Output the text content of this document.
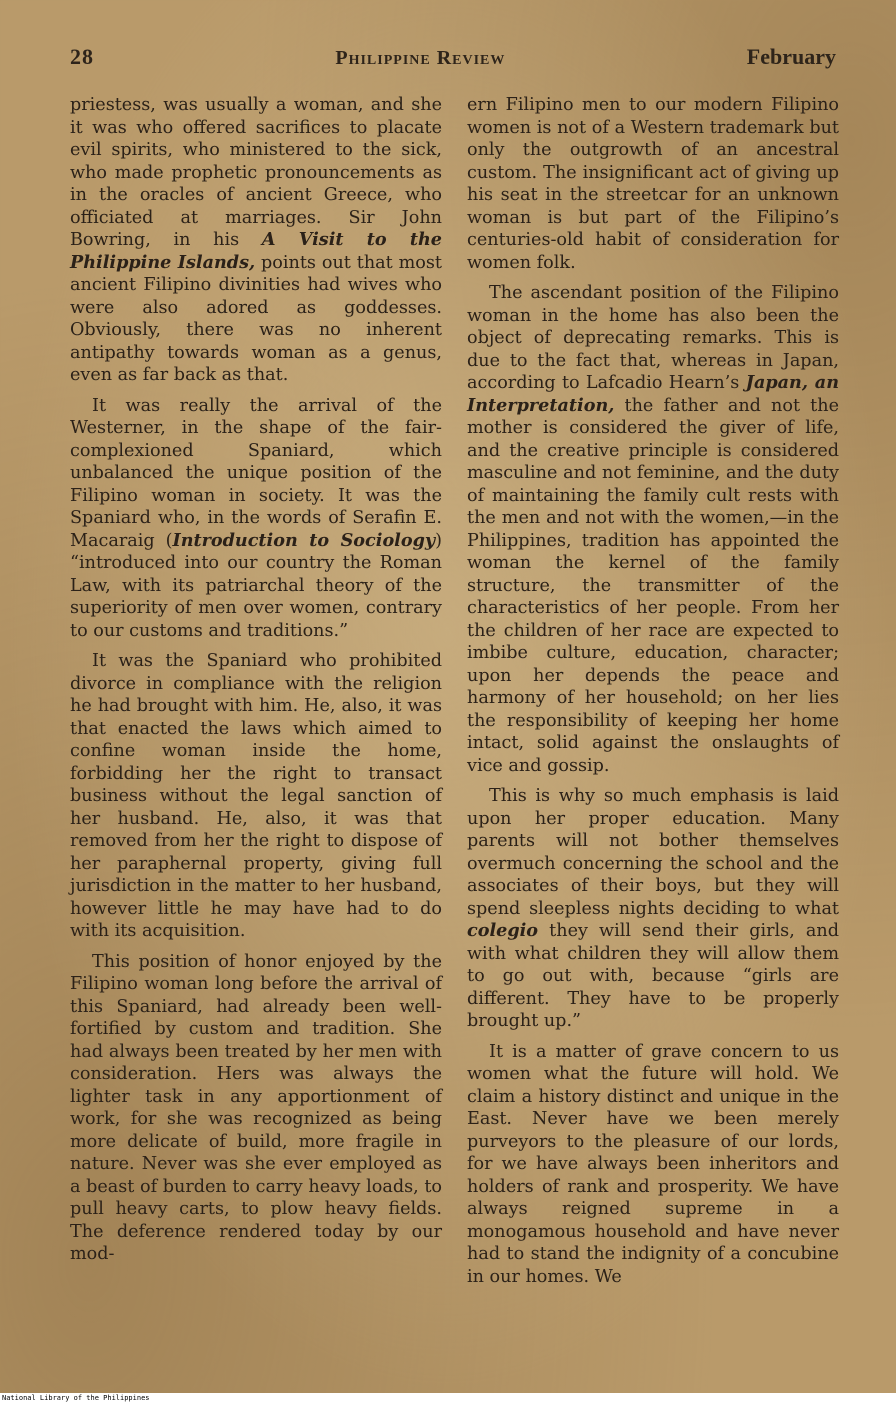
28	Philippine Review	February

priestess, was usually a woman, and she it was who offered sacrifices to placate evil spirits, who ministered to the sick, who made prophetic pronouncements as in the oracles of ancient Greece, who officiated at marriages. Sir John Bowring, in his A Visit to the Philippine Islands, points out that most ancient Filipino divinities had wives who were also adored as goddesses. Obviously, there was no inherent antipathy towards woman as a genus, even as far back as that.

It was really the arrival of the Westerner, in the shape of the fair-complexioned Spaniard, which unbalanced the unique position of the Filipino woman in society. It was the Spaniard who, in the words of Serafin E. Macaraig (Introduction to Sociology) “introduced into our country the Roman Law, with its patriarchal theory of the superiority of men over women, contrary to our customs and traditions.”

It was the Spaniard who prohibited divorce in compliance with the religion he had brought with him. He, also, it was that enacted the laws which aimed to confine woman inside the home, forbidding her the right to transact business without the legal sanction of her husband. He, also, it was that removed from her the right to dispose of her paraphernal property, giving full jurisdiction in the matter to her husband, however little he may have had to do with its acquisition.

This position of honor enjoyed by the Filipino woman long before the arrival of this Spaniard, had already been well-fortified by custom and tradition. She had always been treated by her men with consideration. Hers was always the lighter task in any apportionment of work, for she was recognized as being more delicate of build, more fragile in nature. Never was she ever employed as a beast of burden to carry heavy loads, to pull heavy carts, to plow heavy fields. The deference rendered today by our mod-

ern Filipino men to our modern Filipino women is not of a Western trademark but only the outgrowth of an ancestral custom. The insignificant act of giving up his seat in the streetcar for an unknown woman is but part of the Filipino’s centuries-old habit of consideration for women folk.

The ascendant position of the Filipino woman in the home has also been the object of deprecating remarks. This is due to the fact that, whereas in Japan, according to Lafcadio Hearn’s Japan, an Interpretation, the father and not the mother is considered the giver of life, and the creative principle is considered masculine and not feminine, and the duty of maintaining the family cult rests with the men and not with the women,—in the Philippines, tradition has appointed the woman the kernel of the family structure, the transmitter of the characteristics of her people. From her the children of her race are expected to imbibe culture, education, character; upon her depends the peace and harmony of her household; on her lies the responsibility of keeping her home intact, solid against the onslaughts of vice and gossip.

This is why so much emphasis is laid upon her proper education. Many parents will not bother themselves overmuch concerning the school and the associates of their boys, but they will spend sleepless nights deciding to what colegio they will send their girls, and with what children they will allow them to go out with, because “girls are different. They have to be properly brought up.”

It is a matter of grave concern to us women what the future will hold. We claim a history distinct and unique in the East. Never have we been merely purveyors to the pleasure of our lords, for we have always been inheritors and holders of rank and prosperity. We have always reigned supreme in a monogamous household and have never had to stand the indignity of a concubine in our homes. We

National Library of the Philippines
